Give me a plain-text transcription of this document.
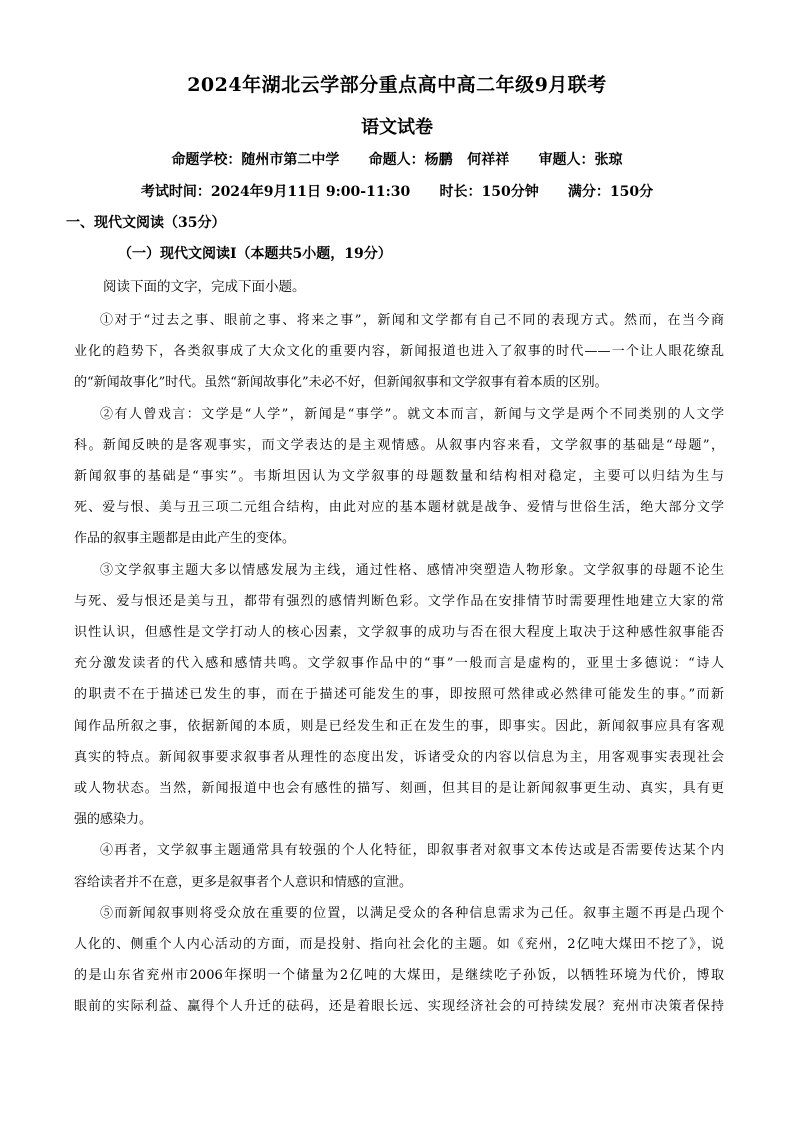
2024年湖北云学部分重点高中高二年级9月联考
语文试卷
命题学校：随州市第二中学      命题人：杨鹏   何祥祥      审题人：张琼
考试时间：2024年9月11日 9:00-11:30      时长：150分钟      满分：150分
一、现代文阅读（35分）
（一）现代文阅读Ⅰ（本题共5小题，19分）
阅读下面的文字，完成下面小题。
①对于“过去之事、眼前之事、将来之事”，新闻和文学都有自己不同的表现方式。然而，在当今商
业化的趋势下，各类叙事成了大众文化的重要内容，新闻报道也进入了叙事的时代——一个让人眼花缭乱
的“新闻故事化”时代。虽然“新闻故事化”未必不好，但新闻叙事和文学叙事有着本质的区别。
②有人曾戏言：文学是“人学”，新闻是“事学”。就文本而言，新闻与文学是两个不同类别的人文学
科。新闻反映的是客观事实，而文学表达的是主观情感。从叙事内容来看，文学叙事的基础是“母题”，
新闻叙事的基础是“事实”。韦斯坦因认为文学叙事的母题数量和结构相对稳定，主要可以归结为生与
死、爱与恨、美与丑三项二元组合结构，由此对应的基本题材就是战争、爱情与世俗生活，绝大部分文学
作品的叙事主题都是由此产生的变体。
③文学叙事主题大多以情感发展为主线，通过性格、感情冲突塑造人物形象。文学叙事的母题不论生
与死、爱与恨还是美与丑，都带有强烈的感情判断色彩。文学作品在安排情节时需要理性地建立大家的常
识性认识，但感性是文学打动人的核心因素，文学叙事的成功与否在很大程度上取决于这种感性叙事能否
充分激发读者的代入感和感情共鸣。文学叙事作品中的“事”一般而言是虚构的，亚里士多德说：“诗人
的职责不在于描述已发生的事，而在于描述可能发生的事，即按照可然律或必然律可能发生的事。”而新
闻作品所叙之事，依据新闻的本质，则是已经发生和正在发生的事，即事实。因此，新闻叙事应具有客观
真实的特点。新闻叙事要求叙事者从理性的态度出发，诉诸受众的内容以信息为主，用客观事实表现社会
或人物状态。当然，新闻报道中也会有感性的描写、刻画，但其目的是让新闻叙事更生动、真实，具有更
强的感染力。
④再者，文学叙事主题通常具有较强的个人化特征，即叙事者对叙事文本传达或是否需要传达某个内
容给读者并不在意，更多是叙事者个人意识和情感的宣泄。
⑤而新闻叙事则将受众放在重要的位置，以满足受众的各种信息需求为己任。叙事主题不再是凸现个
人化的、侧重个人内心活动的方面，而是投射、指向社会化的主题。如《兖州，2亿吨大煤田不挖了》，说
的是山东省兖州市2006年探明一个储量为2亿吨的大煤田，是继续吃子孙饭，以牺牲环境为代价，博取
眼前的实际利益、赢得个人升迁的砝码，还是着眼长远、实现经济社会的可持续发展？兖州市决策者保持
